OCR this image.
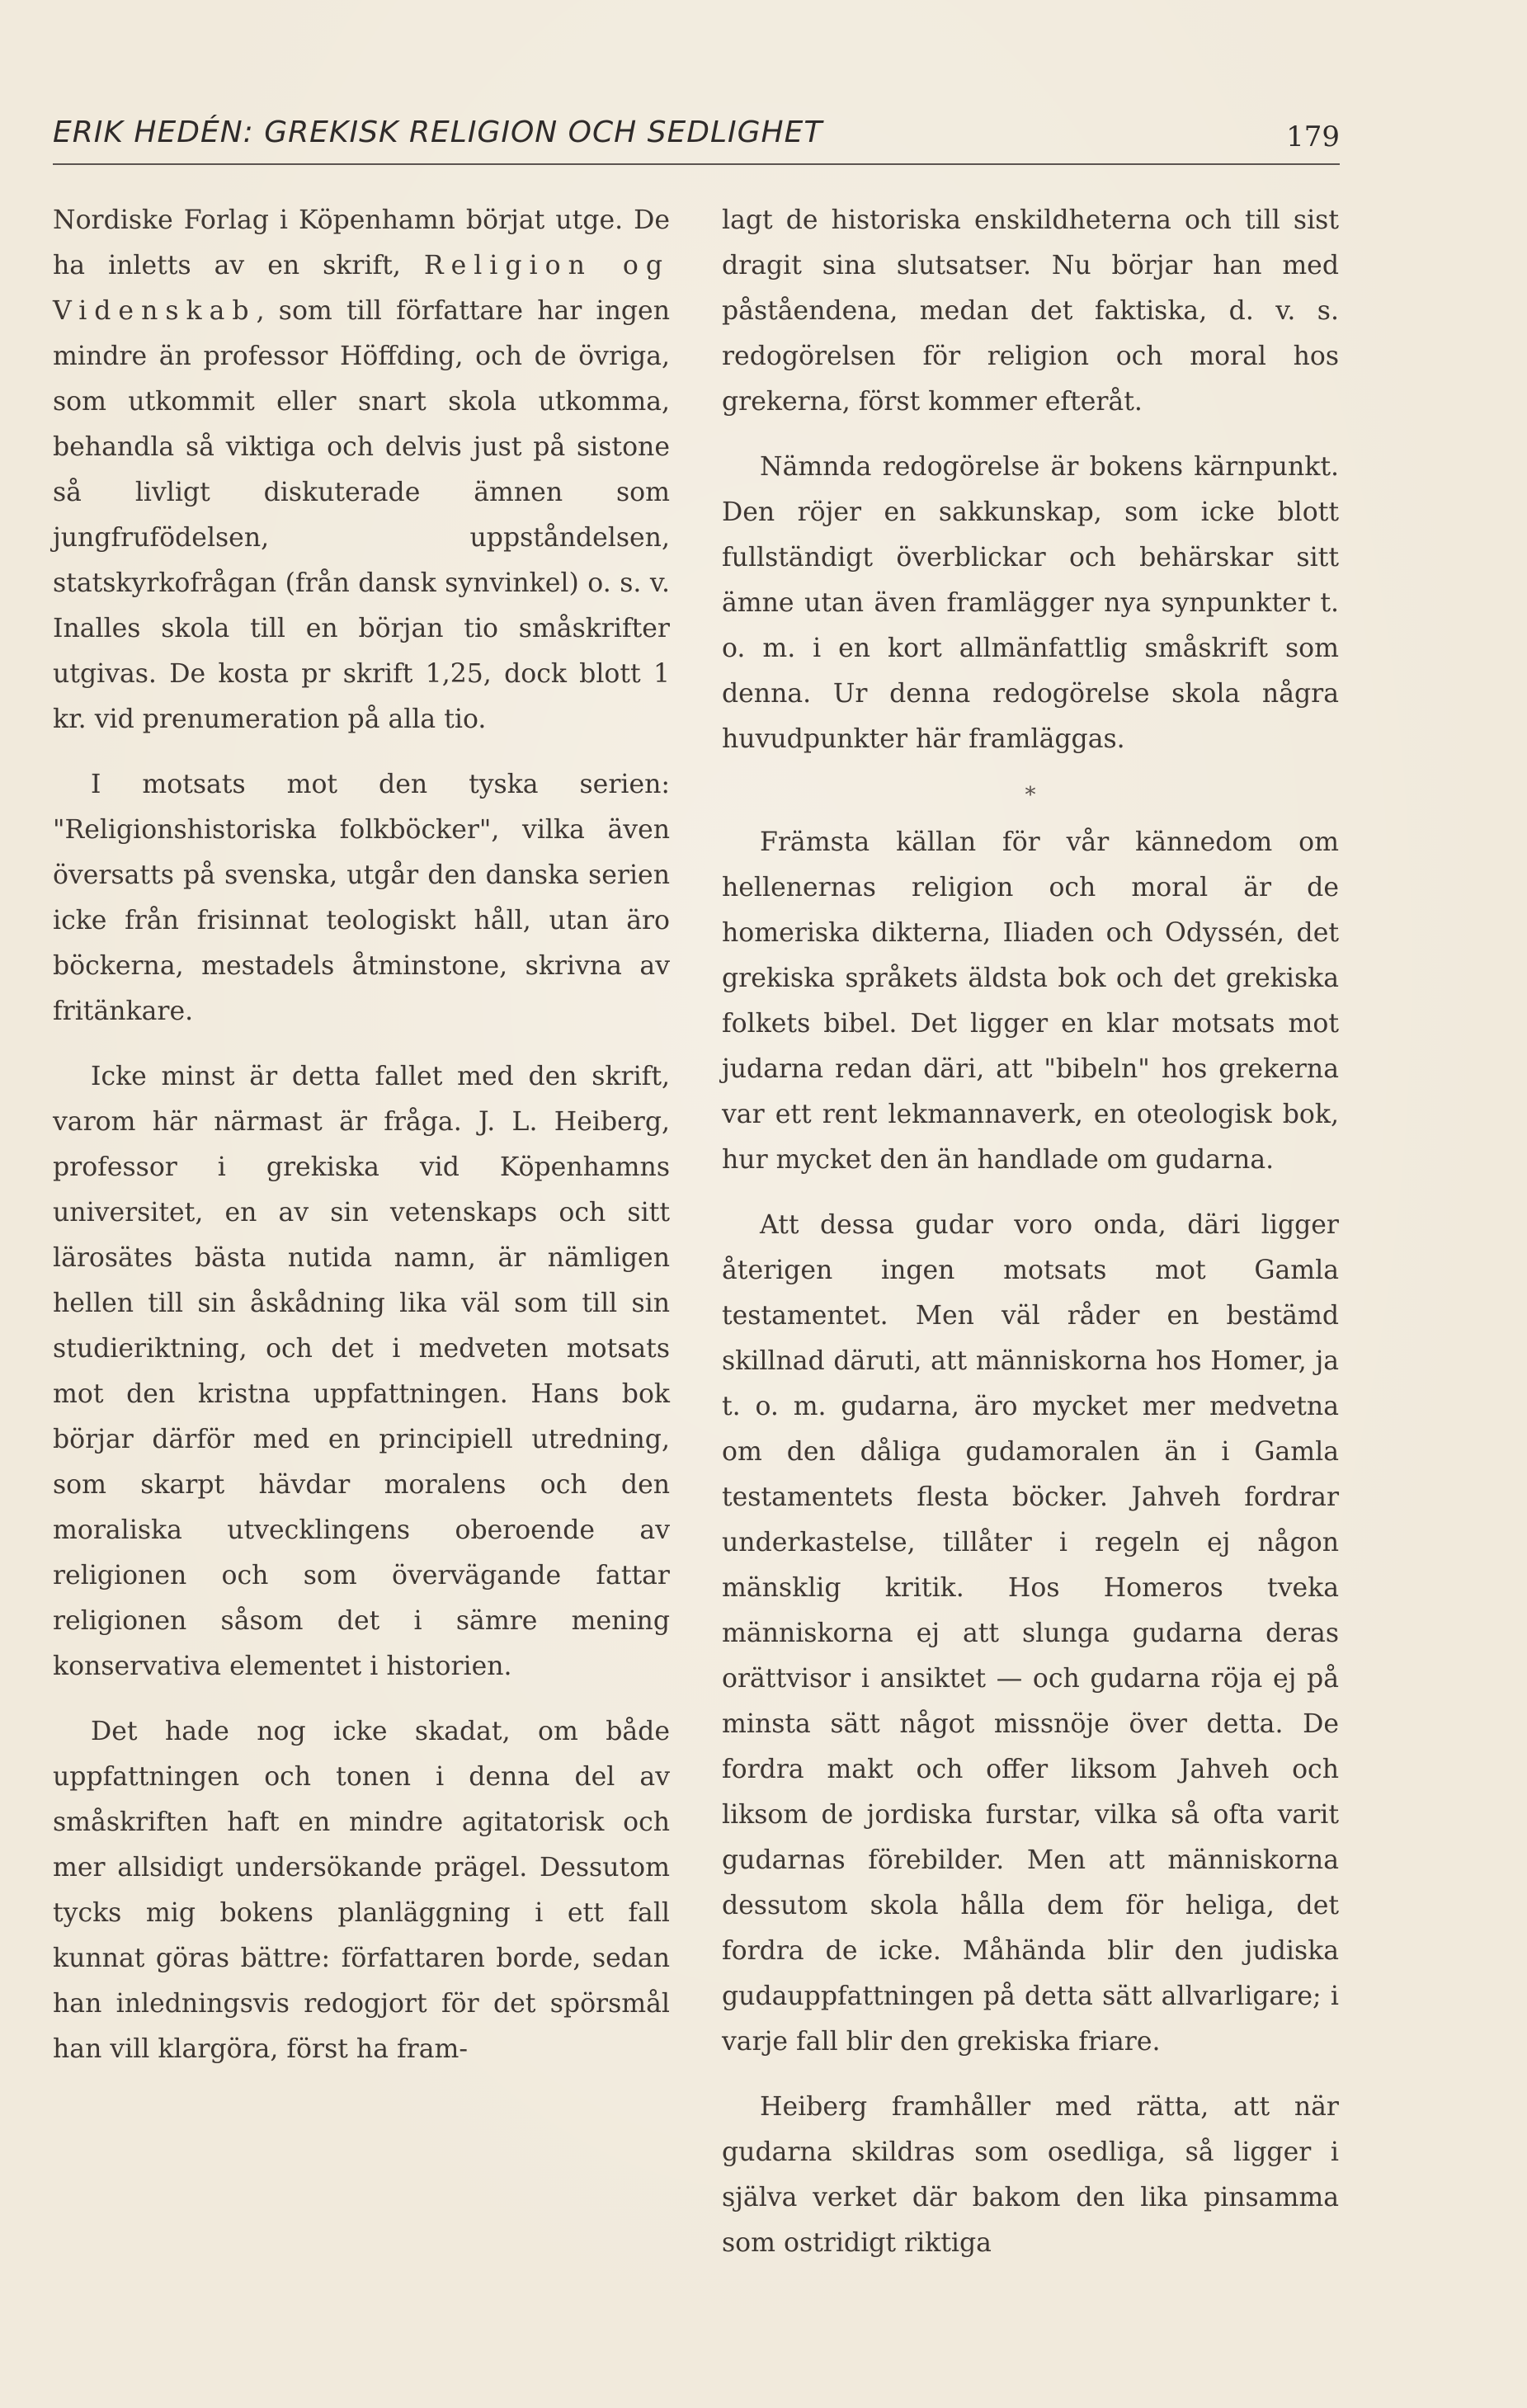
ERIK HEDÉN: GREKISK RELIGION OCH SEDLIGHET	179

Nordiske Forlag i Köpenhamn börjat utge. De ha inletts av en skrift, Religion og Videnskab, som till författare har ingen mindre än professor Höffding, och de övriga, som utkommit eller snart skola utkomma, behandla så viktiga och delvis just på sistone så livligt diskuterade ämnen som jungfrufödelsen, uppståndelsen, statskyrkofrågan (från dansk synvinkel) o. s. v. Inalles skola till en början tio småskrifter utgivas. De kosta pr skrift 1,25, dock blott 1 kr. vid prenumeration på alla tio.

I motsats mot den tyska serien: "Religionshistoriska folkböcker", vilka även översatts på svenska, utgår den danska serien icke från frisinnat teologiskt håll, utan äro böckerna, mestadels åtminstone, skrivna av fritänkare.

Icke minst är detta fallet med den skrift, varom här närmast är fråga. J. L. Heiberg, professor i grekiska vid Köpenhamns universitet, en av sin vetenskaps och sitt lärosätes bästa nutida namn, är nämligen hellen till sin åskådning lika väl som till sin studieriktning, och det i medveten motsats mot den kristna uppfattningen. Hans bok börjar därför med en principiell utredning, som skarpt hävdar moralens och den moraliska utvecklingens oberoende av religionen och som övervägande fattar religionen såsom det i sämre mening konservativa elementet i historien.

Det hade nog icke skadat, om både uppfattningen och tonen i denna del av småskriften haft en mindre agitatorisk och mer allsidigt undersökande prägel. Dessutom tycks mig bokens planläggning i ett fall kunnat göras bättre: författaren borde, sedan han inledningsvis redogjort för det spörsmål han vill klargöra, först ha fram-

lagt de historiska enskildheterna och till sist dragit sina slutsatser. Nu börjar han med påståendena, medan det faktiska, d. v. s. redogörelsen för religion och moral hos grekerna, först kommer efteråt.

Nämnda redogörelse är bokens kärnpunkt. Den röjer en sakkunskap, som icke blott fullständigt överblickar och behärskar sitt ämne utan även framlägger nya synpunkter t. o. m. i en kort allmänfattlig småskrift som denna. Ur denna redogörelse skola några huvudpunkter här framläggas.

*

Främsta källan för vår kännedom om hellenernas religion och moral är de homeriska dikterna, Iliaden och Odyssén, det grekiska språkets äldsta bok och det grekiska folkets bibel. Det ligger en klar motsats mot judarna redan däri, att "bibeln" hos grekerna var ett rent lekmannaverk, en oteologisk bok, hur mycket den än handlade om gudarna.

Att dessa gudar voro onda, däri ligger återigen ingen motsats mot Gamla testamentet. Men väl råder en bestämd skillnad däruti, att människorna hos Homer, ja t. o. m. gudarna, äro mycket mer medvetna om den dåliga gudamoralen än i Gamla testamentets flesta böcker. Jahveh fordrar underkastelse, tillåter i regeln ej någon mänsklig kritik. Hos Homeros tveka människorna ej att slunga gudarna deras orättvisor i ansiktet — och gudarna röja ej på minsta sätt något missnöje över detta. De fordra makt och offer liksom Jahveh och liksom de jordiska furstar, vilka så ofta varit gudarnas förebilder. Men att människorna dessutom skola hålla dem för heliga, det fordra de icke. Måhända blir den judiska gudauppfattningen på detta sätt allvarligare; i varje fall blir den grekiska friare.

Heiberg framhåller med rätta, att när gudarna skildras som osedliga, så ligger i själva verket där bakom den lika pinsamma som ostridigt riktiga
